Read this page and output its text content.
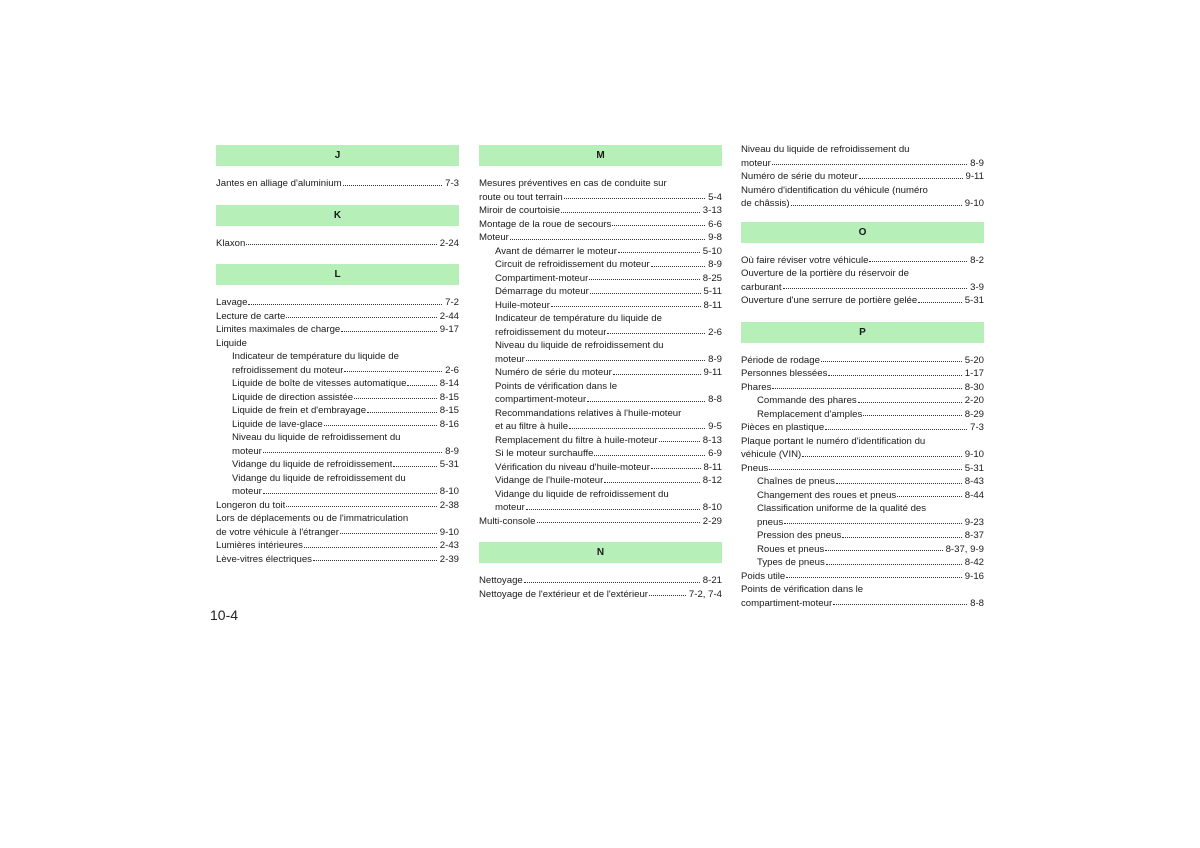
J
Jantes en alliage d'aluminium	7-3
K
Klaxon	2-24
L
Lavage	7-2
Lecture de carte	2-44
Limites maximales de charge	9-17
Liquide
Indicateur de température du liquide de
refroidissement du moteur	2-6
Liquide de boîte de vitesses automatique	8-14
Liquide de direction assistée	8-15
Liquide de frein et d'embrayage	8-15
Liquide de lave-glace	8-16
Niveau du liquide de refroidissement du
moteur	8-9
Vidange du liquide de refroidissement	5-31
Vidange du liquide de refroidissement du
moteur	8-10
Longeron du toit	2-38
Lors de déplacements ou de l'immatriculation
de votre véhicule à l'étranger	9-10
Lumières intérieures	2-43
Lève-vitres électriques	2-39
M
Mesures préventives en cas de conduite sur
route ou tout terrain	5-4
Miroir de courtoisie	3-13
Montage de la roue de secours	6-6
Moteur	9-8
Avant de démarrer le moteur	5-10
Circuit de refroidissement du moteur	8-9
Compartiment-moteur	8-25
Démarrage du moteur	5-11
Huile-moteur	8-11
Indicateur de température du liquide de
refroidissement du moteur	2-6
Niveau du liquide de refroidissement du
moteur	8-9
Numéro de série du moteur	9-11
Points de vérification dans le
compartiment-moteur	8-8
Recommandations relatives à l'huile-moteur
et au filtre à huile	9-5
Remplacement du filtre à huile-moteur	8-13
Si le moteur surchauffe	6-9
Vérification du niveau d'huile-moteur	8-11
Vidange de l'huile-moteur	8-12
Vidange du liquide de refroidissement du
moteur	8-10
Multi-console	2-29
N
Nettoyage	8-21
Nettoyage de l'extérieur et de l'extérieur	7-2, 7-4
Niveau du liquide de refroidissement du
moteur	8-9
Numéro de série du moteur	9-11
Numéro d'identification du véhicule (numéro
de châssis)	9-10
O
Où faire réviser votre véhicule	8-2
Ouverture de la portière du réservoir de
carburant	3-9
Ouverture d'une serrure de portière gelée	5-31
P
Période de rodage	5-20
Personnes blessées	1-17
Phares	8-30
Commande des phares	2-20
Remplacement d'amples	8-29
Pièces en plastique	7-3
Plaque portant le numéro d'identification du
véhicule (VIN)	9-10
Pneus	5-31
Chaînes de pneus	8-43
Changement des roues et pneus	8-44
Classification uniforme de la qualité des
pneus	9-23
Pression des pneus	8-37
Roues et pneus	8-37, 9-9
Types de pneus	8-42
Poids utile	9-16
Points de vérification dans le
compartiment-moteur	8-8
10-4
